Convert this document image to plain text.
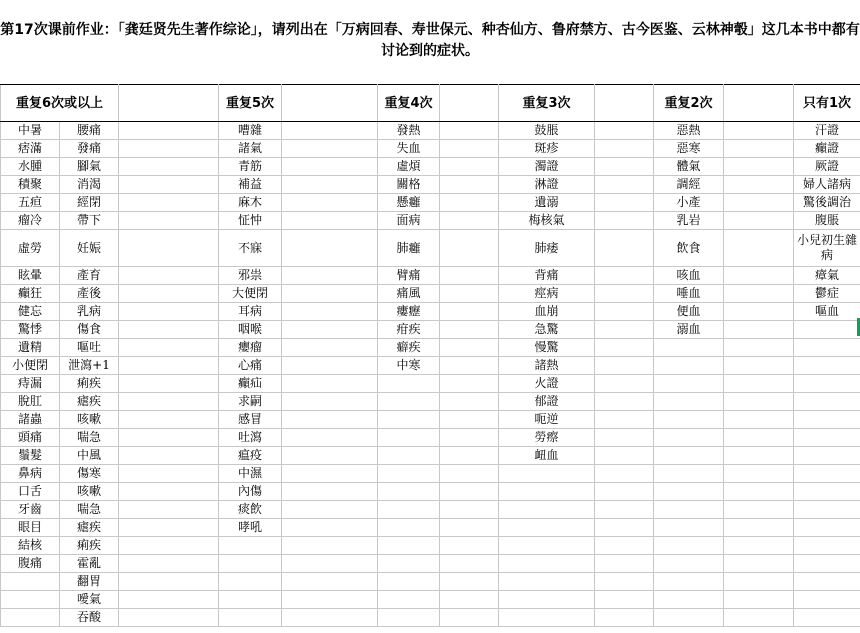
第17次课前作业：「龚廷贤先生著作综论」，请列出在「万病回春、寿世保元、种杏仙方、鲁府禁方、古今医鉴、云林神彀」这几本书中都有讨论到的症状。
重复6次或以上			重复5次		重复4次		重复3次		重复2次		只有1次
中暑	腰痛		嘈雜		發熱		鼓脹		惡熱		汗證
痞滿	發痛		諸氣		失血		斑疹		惡寒		癲證
水腫	腳氣		青筋		虛煩		濁證		體氣		厥證
積聚	消渴		補益		關格		淋證		調經		婦人諸病
五疸	經閉		麻木		懸癰		遺溺		小產		驚後調治
瘤冷	帶下		怔忡		面病		梅核氣		乳岩		腹脹
虛勞	妊娠		不寐		肺癰		肺痿		飲食		小兒初生雜病
眩暈	產育		邪祟		臂痛		背痛		咳血		瘴氣
癲狂	產後		大便閉		痛風		痙病		唾血		鬱症
健忘	乳病		耳病		瘻癧		血崩		便血		嘔血
驚悸	傷食		咽喉		疳疾		急驚		溺血		
遺精	嘔吐		癭瘤		癖疾		慢驚				
小便閉	泄瀉+1		心痛		中寒		諸熱				
痔漏	痢疾		癲疝				火證				
脫肛	瘧疾		求嗣				郁證				
諸蟲	咳嗽		感冒				呃逆				
頭痛	喘急		吐瀉				勞瘵				
鬚髮	中風		瘟疫				衄血				
鼻病	傷寒		中濕								
口舌	咳嗽		內傷								
牙齒	喘急		痰飲								
眼目	瘧疾		哮吼								
結核	痢疾										
腹痛	霍亂										
	翻胃										
	噯氣										
	吞酸										
